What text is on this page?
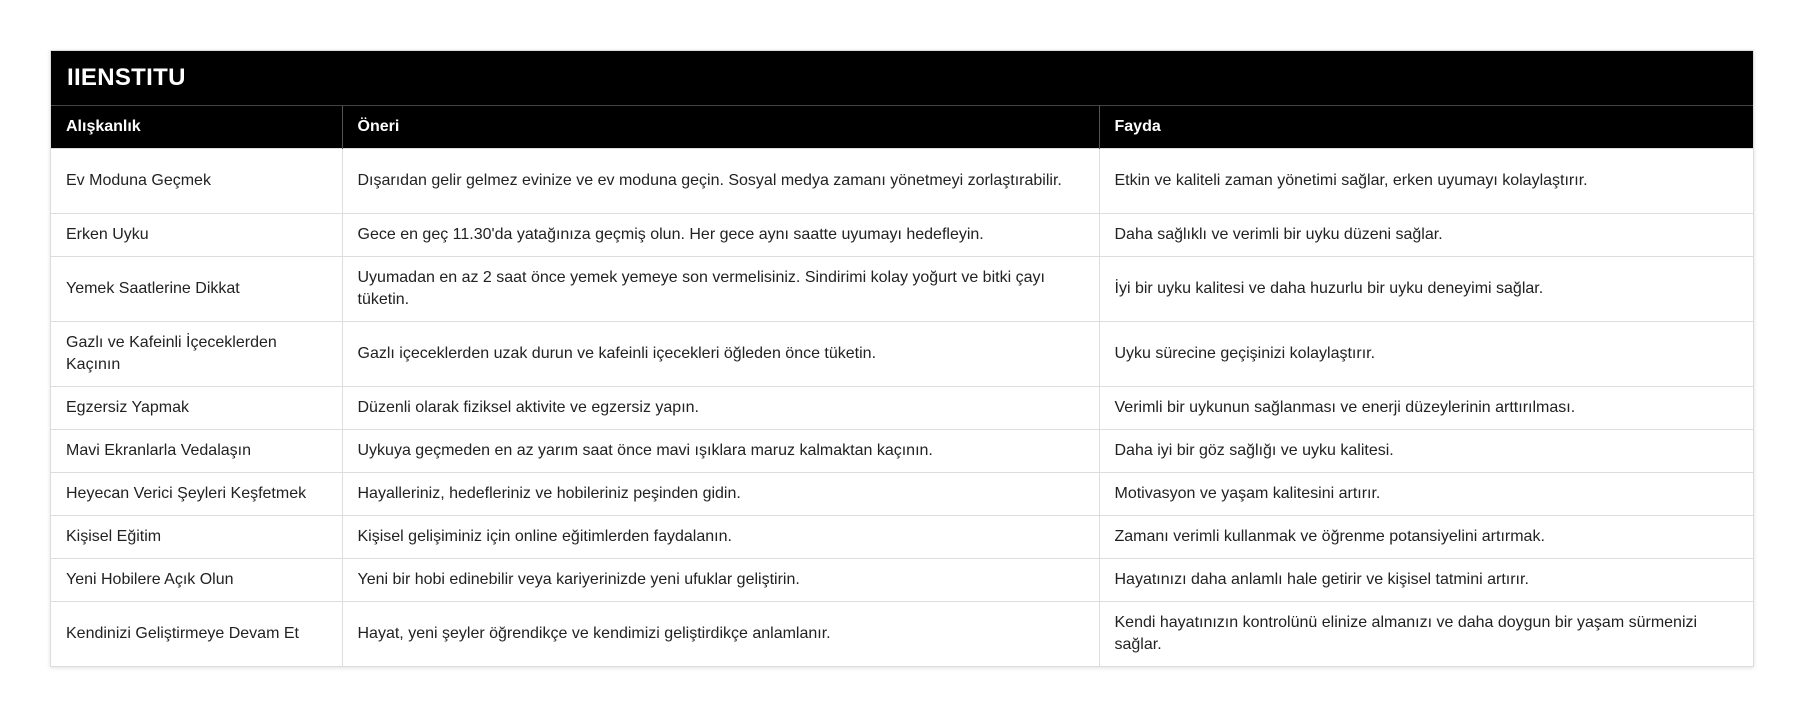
IIENSTITU
Alışkanlık	Öneri	Fayda
Ev Moduna Geçmek	Dışarıdan gelir gelmez evinize ve ev moduna geçin. Sosyal medya zamanı yönetmeyi zorlaştırabilir.	Etkin ve kaliteli zaman yönetimi sağlar, erken uyumayı kolaylaştırır.
Erken Uyku	Gece en geç 11.30'da yatağınıza geçmiş olun. Her gece aynı saatte uyumayı hedefleyin.	Daha sağlıklı ve verimli bir uyku düzeni sağlar.
Yemek Saatlerine Dikkat	Uyumadan en az 2 saat önce yemek yemeye son vermelisiniz. Sindirimi kolay yoğurt ve bitki çayı tüketin.	İyi bir uyku kalitesi ve daha huzurlu bir uyku deneyimi sağlar.
Gazlı ve Kafeinli İçeceklerden Kaçının	Gazlı içeceklerden uzak durun ve kafeinli içecekleri öğleden önce tüketin.	Uyku sürecine geçişinizi kolaylaştırır.
Egzersiz Yapmak	Düzenli olarak fiziksel aktivite ve egzersiz yapın.	Verimli bir uykunun sağlanması ve enerji düzeylerinin arttırılması.
Mavi Ekranlarla Vedalaşın	Uykuya geçmeden en az yarım saat önce mavi ışıklara maruz kalmaktan kaçının.	Daha iyi bir göz sağlığı ve uyku kalitesi.
Heyecan Verici Şeyleri Keşfetmek	Hayalleriniz, hedefleriniz ve hobileriniz peşinden gidin.	Motivasyon ve yaşam kalitesini artırır.
Kişisel Eğitim	Kişisel gelişiminiz için online eğitimlerden faydalanın.	Zamanı verimli kullanmak ve öğrenme potansiyelini artırmak.
Yeni Hobilere Açık Olun	Yeni bir hobi edinebilir veya kariyerinizde yeni ufuklar geliştirin.	Hayatınızı daha anlamlı hale getirir ve kişisel tatmini artırır.
Kendinizi Geliştirmeye Devam Et	Hayat, yeni şeyler öğrendikçe ve kendimizi geliştirdikçe anlamlanır.	Kendi hayatınızın kontrolünü elinize almanızı ve daha doygun bir yaşam sürmenizi sağlar.
